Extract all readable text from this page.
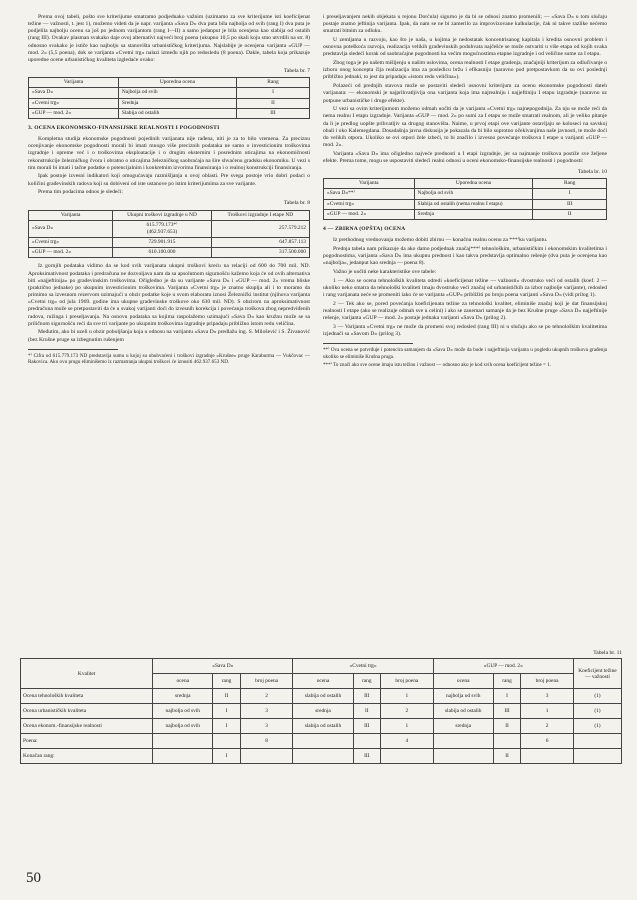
Prema ovoj tabeli, pošto sve kriterijume smatramo podjednako važnim (uzimamo za sve kriterijume isti koeficijenat težine — važnosti, t. jest 1), možemo videti da je napr. varijanta »Sava D« dva puta bila najbolja od svih (rang I) dva puta je podjelila najbolju ocenu sa još po jednom varijantom (rang I—II) a samo jedanput je bila ocenjena kao slabija od ostalih (rang III). Ovakav plasman svakako daje ovoj alternativi najveći broj poena (ukupno 10,5 po skali koju smo utvrdili na str. 8) odnosno svakako je ističe kao najbolju sa stanovišta urbanističkog kriterijuma. Najslabije je ocenjena varijanta »GUP — mod. 2« (5,5 poena), dok se varijanta »Cvetni trg« nalazi između njih po redosledu (8 poena). Dakle, tabela koja prikazuje uporedne ocene urbanističkog kvaliteta izgledaće ovako:

Tabela br. 7

Varijanta	Uporedna ocena	Rang
»Sava D«	Najbolja od svih	I
»Cvetni trg«	Srednja	II
»GUP — mod. 2«	Slabija od ostalih	III

3. OCENA EKONOMSKO-FINANSIJSKE REALNOSTI I POGODNOSTI

Kompletna studija ekonomske pogodnosti pojedinih varijanata nije rađena, niti je za to bilo vremena. Za preciznu ocenjivanje ekonomske pogodnosti morali bi imati mnogo više preciznih podataka ne samo o investicionim troškovima izgradnje i opreme već i o troškovima eksploatacije i o drugim eksternim i posrednim uticajima na ekonomičnosti rekonstrukcije železničkog čvora i obratno o uticajima železničkog saobraćaja na šire shvaćenu gradsku ekonomiku. U vezi s tim morali bi imati i tačne podatke o potencijalnim i konkretnim izvorima finansiranja i o realnoj konstrukciji finansiranja.

Ipak postoje izvesni indikatori koji omogućavaju razmišljanja u ovoj oblasti. Pre svega postoje vrlo dobri podaci o količini građevinskih radova koji su dobiveni od iste ustanove po istim kriterijumima za sve varijante.

Prema tim podacima odnos je sledeći:

Tabela br. 8

Varijanta	Ukupni troškovi izgradnje u ND	Troškovi izgradnje I etape ND
»Sava D«	615.779.173*⁾
(462.937.653)	257.579.212
»Cvetni trg«	729.901.915	647.857.113
»GUP — mod. 2«	610.100.000	317.500.000

Iz gornjih podataka vidimo da se kod svih varijanata ukupni troškovi kreću na relaciji od 600 do 700 mil. ND. Aproksimativnost podataka i predračuna ne dozvoljava nam da sa apsolutnom sigurnošću kažemo koja će od ovih alternativa biti »najjeftinija« po građevinskim troškovima. Očigledno je da su varijante »Sava D« i »GUP — mod. 2« vrema bliske (praktično jednake) po ukupnim investicionim troškovima. Varijanta »Cvetni trg« je znatno skuplja ali i to moramo da primimo sa izvesnom rezervom uzimajući u obzir podatke koje u svom elaboratu iznosi Železnički institut (njihova varijanta »Cvetni trg« od jula 1969. godine ima ukupne građevinske troškove oko 630 mil. ND). S obzirom na aproksimativnost predračuna može se pretpostaviti da će u svakoj varijanti doći do izvesnih korekcija i povećanja troškova zbog nepredviđenih radova, ružinga i preseljavanja. Na osnovu podataka sa kojima raspolažemo uzimajući »Sava D« kao kružnu može se sa priličnom sigurnošću reći da sve tri varijante po ukupnim troškovima izgradnje pripadaju približno istom redu veličina.

Međutim, ako bi uzeli u obzir poboljšanja koja u odnosu na varijantu »Sava D« predlažu ing. S. Milošević i S. Živanović (bez Krušne pruge sa izbegnutim rušenjem

*⁾ Cifra od 615.779.173 ND predstavlja sumu u kojoj su obuhvaćeni i troškovi izgradnje »Krušne« pruge Karaburma — Vukčovac — Rakovica. Ako ovu prugu eliminišemo iz razmatranja ukupni troškovi će iznositi 462.937.653 ND.

i preseljavanjem nekih objekata u rejonu Dorćula) sigurno je da bi se odnosi znatno promenili; — »Sava D« u tom slučaju postaje znatno jeftinija varijanta. Ipak, da nam se ne bi zamerilo za improvizovane kalkulacije, čak ni takve razlike nećemo smatrati bitnim za odluku.

U zemljama u razvoju, kao što je naša, u kojima je nedostatak koncentrisanog kapitala i kredita osnovni problem i osnovna potešk​oća razvoja, realizacija velikih građevinskih poduhvata najčešće se može ostvariti u više etapa od kojih svaka predstavlja sledeći korak od saobraćajne pogodnosti ka većim mogućnostima etapne izgradnje i od veličine sume za I etapu.

Zbog toga je po našem mišljenju u našim uslovima, ocena realnosti I etape gradenja, značajniji kriterijum za odlučivanje o izboru onog koncepta čija realizacija ima za posledicu bržu i efikasniju (naravno pod pretpostavkom da su ovi poslednji približno jednaki, to jest da pripadaju »istom redu veličina«).

Polazeći od prednjih stavova može se postaviti sledeći osnovni kriterijum za ocenu ekonomske pogodnosti dateh varijanata: — ekonomski je najprihvatljivija ona varijanta koja ima najrealniju i najjeftiniju I etapu izgradnje (naravno uz potpune urbanističke i druge efekte).

U vezi sa ovim kriterijumom možemo odmah uočiti da je varijanta »Cvetni trg« najnepogodnija. Za nju se može reći da nema realnu I etapu izgradnje. Varijanta »GUP — mod. 2« po sumi za I etapu se može smatrati realnom, ali je veliko pitanje da li je predlog uopšte prihvatljiv sa drugog stanovišta. Naime, u prvoj etapi ove varijante ostavljaju se koloseci na savskoj obali i oko Kalemegdana. Dosadašnja javna diskusija je pokazala da bi bilo suprotno očekivanjima naše javnosti, te može doći do velikih otpora. Ukoliko se ovi otpori žele izbeći, to bi značilo i izvesno povećanje troškova I etape u varijanti »GUP — mod. 2«.

Varijanta »Sava D« ima očigledno najveće prednosti u I etapi izgradnje, jer sa najmanje troškova postiže sve željene efekte. Prema tome, mogu se uspostaviti sledeći realni odnosi u oceni ekonomsko-finansijske realnosti i pogodnosti:

Tabela br. 10

Varijanta	Uporedna ocena	Rang
»Sava D«**⁾	Najbolja od svih	I
»Cvetni trg«	Slabija od ostalih (nema realnu I etapu)	III
»GUP — mod. 2«	Srednja	II

4 — ZBIRNA (OPŠTA) OCENA

Iz prethodnog vrednovanja možemo dobiti zbirnu — konačnu realnu ocenu za ***⁾ku varijantu.

Prednja tabela nam prikazuje da ako damo podjednak značaj***⁾ tehnološkim, urbanističkim i ekonomskim kvalitetima i pogodnostima, varijanta »Sava D« ima ukupnu prednost i kao takva predstavlja optimalno rešenje (dva puta je ocenjena kao »najbolja«, jedanput kao srednja — poena 8).

Važno je uočiti neke karakteristike ove tabele:

1 — Ako se ocena tehnoloških kvaliteta odredi »koeficijenat težine — važnosti« dvostruko veći od ostalih (koef. 2 — ukoliko neko smatra da tehnološki kvaliteti imaju dvostruko veći značaj od urbanističkih za izbor najbolje varijante), redosled i rang varijanata neće se promeniti iako će se varijanta »GUP« približiti po broju poena varijanti »Sava D« (vidi prilog 1).

2 — Tek ako se, pored povećanja koeficijenata težine za tehnološki kvalitet, eliminiše značaj koji je dat finansijskoj realnosti I etape (ako se realizuje odmah sve u celini) i ako se zanemari samanje da je bez Krušne pruge »Sava D« najjeftinije rešenje, varijanta »GUP — mod. 2« postaje jednaka varijanti »Sava D« (prilog 2).

3 — Varijanta »Cvetni trg« ne može da promeni svoj redosled (rang III) ni u slučaju ako se po tehnološkim kvalitetima izjednači sa »Savom D« (prilog 3).

**⁾ Ova ocena se potvrđuje i potencira samanjem da »Sava D« može da bude i najjeftinija varijanta u pogledu ukupnih troškova građenja ukoliko se eliminiše Krušna pruga.

***⁾ To znači ako sve ocene imaju istu težinu i važnost — odnosno ako je kod svih ocena koeficijent težine = 1.

Tabela br. 11

Kvalitet	»Sava D«			»Cvetni trg«			»GUP — mod. 2«			Koeficijent težine — važnosti
	ocena	rang	broj poena	ocena	rang	broj poena	ocena	rang	broj poena	
Ocena tehnoloških kvaliteta	srednja	II	2	slabija od ostalih	III	1	najbolja od svih	I	3	(1)
Ocena urbanističkih kvaliteta	najbolja od svih	I	3	srednja	II	2	slabija od ostalih	III	1	(1)
Ocena ekonom.-finansijske realnosti	najbolja od svih	I	3	slabija od ostalih	III	1	srednja	II	2	(1)
Poena:			8			4			6	
Konačan rang:		I			III			II		
50
